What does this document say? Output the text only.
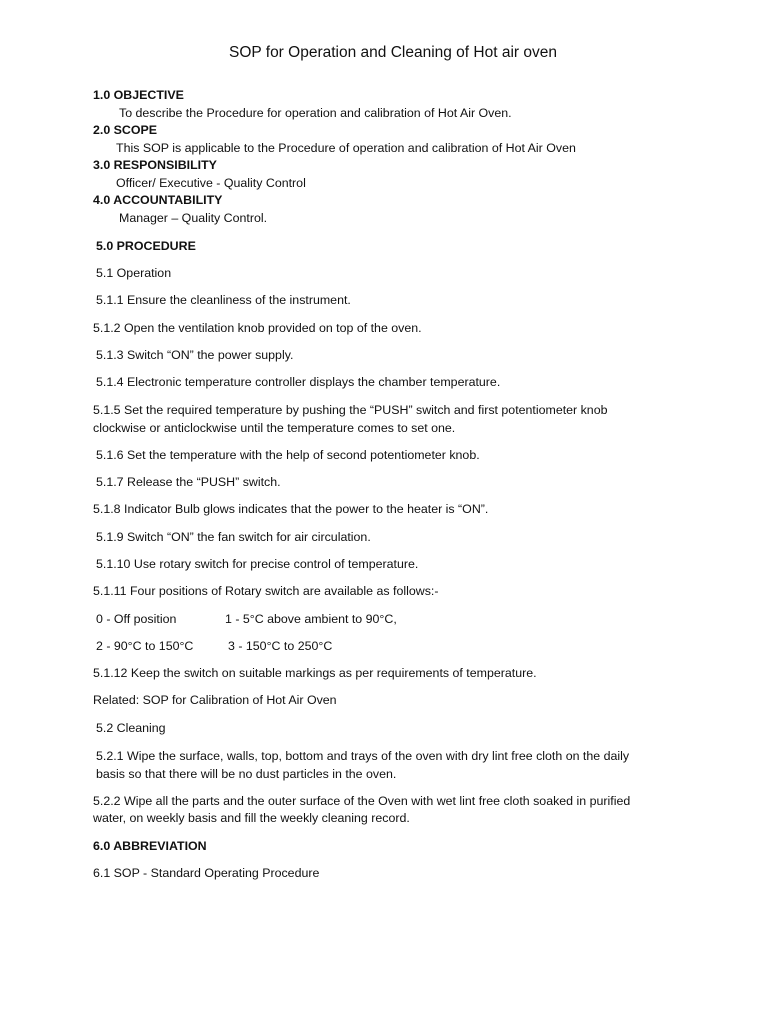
SOP for Operation and Cleaning of Hot air oven
1.0 OBJECTIVE
To describe the Procedure for operation and calibration of Hot Air Oven.
2.0 SCOPE
This SOP is applicable to the Procedure of operation and calibration of Hot Air Oven
3.0 RESPONSIBILITY
Officer/ Executive - Quality Control
4.0 ACCOUNTABILITY
Manager – Quality Control.
5.0 PROCEDURE
5.1 Operation
5.1.1 Ensure the cleanliness of the instrument.
5.1.2 Open the ventilation knob provided on top of the oven.
5.1.3 Switch “ON” the power supply.
5.1.4 Electronic temperature controller displays the chamber temperature.
5.1.5 Set the required temperature by pushing the “PUSH” switch and first potentiometer knob
clockwise or anticlockwise until the temperature comes to set one.
5.1.6 Set the temperature with the help of second potentiometer knob.
5.1.7 Release the “PUSH” switch.
5.1.8 Indicator Bulb glows indicates that the power to the heater is “ON”.
5.1.9 Switch “ON” the fan switch for air circulation.
5.1.10 Use rotary switch for precise control of temperature.
5.1.11 Four positions of Rotary switch are available as follows:-
0 - Off position	1 - 5°C above ambient to 90°C,
2 - 90°C to 150°C	3 - 150°C to 250°C
5.1.12 Keep the switch on suitable markings as per requirements of temperature.
Related: SOP for Calibration of Hot Air Oven
5.2 Cleaning
5.2.1 Wipe the surface, walls, top, bottom and trays of the oven with dry lint free cloth on the daily
basis so that there will be no dust particles in the oven.
5.2.2 Wipe all the parts and the outer surface of the Oven with wet lint free cloth soaked in purified
water, on weekly basis and fill the weekly cleaning record.
6.0 ABBREVIATION
6.1 SOP - Standard Operating Procedure
